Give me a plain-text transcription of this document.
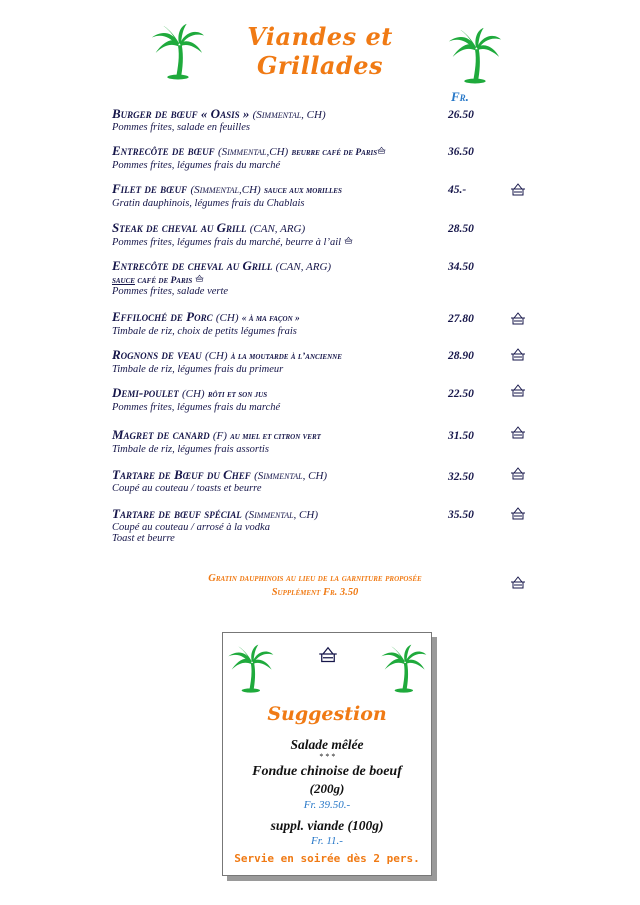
Viandes et Grillades
Fr.
Burger de bœuf « Oasis » (Simmental, CH)
Pommes frites, salade en feuilles
26.50
Entrecôte de bœuf (Simmental,CH) beurre café de Paris
Pommes frites, légumes frais du marché
36.50
Filet de bœuf (Simmental,CH) sauce aux morilles
Gratin dauphinois, légumes frais du Chablais
45.-
Steak de cheval au Grill (CAN, ARG)
Pommes frites, légumes frais du marché, beurre à l’ail
28.50
Entrecôte de cheval au Grill (CAN, ARG)
sauce café de Paris
Pommes frites, salade verte
34.50
Effiloché de Porc (CH) « à ma façon »
Timbale de riz, choix de petits légumes frais
27.80
Rognons de veau (CH) à la moutarde à l’ancienne
Timbale de riz, légumes frais du primeur
28.90
Demi-poulet (CH) rôti et son jus
Pommes frites, légumes frais du marché
22.50
Magret de canard (F) au miel et citron vert
Timbale de riz, légumes frais assortis
31.50
Tartare de Bœuf du Chef (Simmental, CH)
Coupé au couteau / toasts et beurre
32.50
Tartare de bœuf spécial (Simmental, CH)
Coupé au couteau / arrosé à la vodka
Toast et beurre
35.50
Gratin dauphinois au lieu de la garniture proposée
Supplément Fr. 3.50
Suggestion
Salade mêlée
* * *
Fondue chinoise de boeuf
(200g)
Fr. 39.50.-
suppl. viande (100g)
Fr. 11.-
Servie en soirée dès 2 pers.
